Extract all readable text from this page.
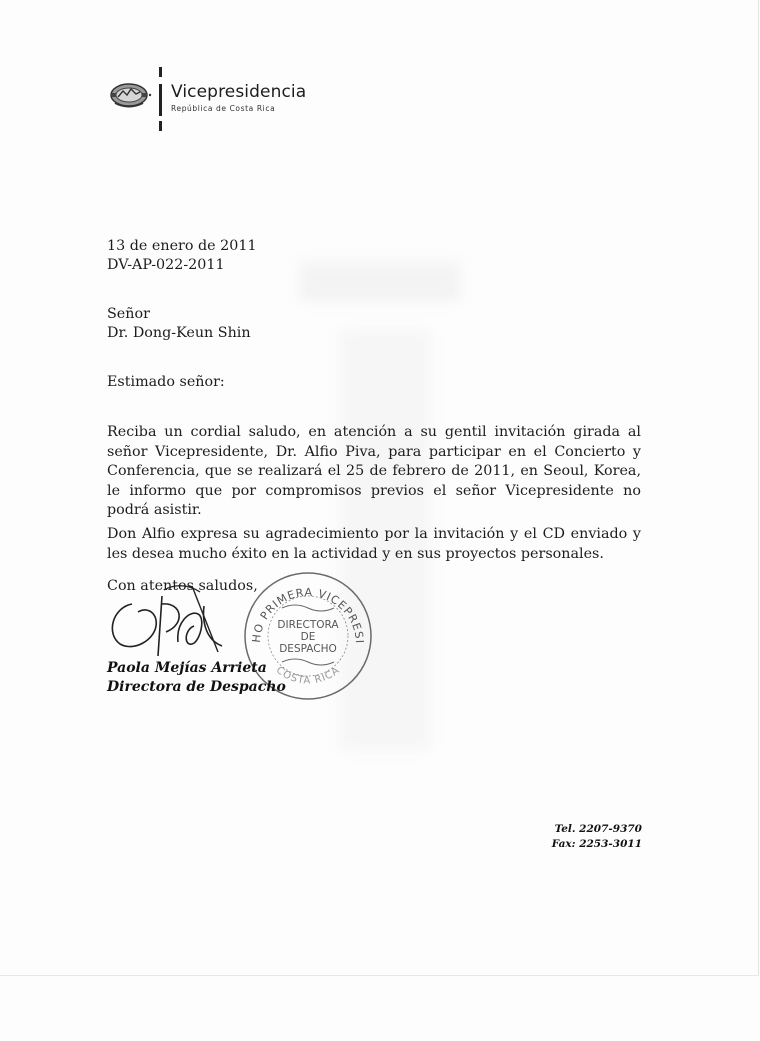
Vicepresidencia
República de Costa Rica
13 de enero de 2011
DV-AP-022-2011
Señor
Dr. Dong-Keun Shin
Estimado señor:
Reciba un cordial saludo, en atención a su gentil invitación girada al señor Vicepresidente, Dr. Alfio Piva, para participar en el Concierto y Conferencia, que se realizará el 25 de febrero de 2011, en Seoul, Korea, le informo que por compromisos previos el señor Vicepresidente no podrá asistir.
Don Alfio expresa su agradecimiento por la invitación y el CD enviado y les desea mucho éxito en la actividad y en sus proyectos personales.
Con atentos saludos,
HO PRIMERA VICEPRESI
COSTA RICA
DIRECTORA
DE
DESPACHO
Paola Mejías Arrieta
Directora de Despacho
Tel. 2207-9370
Fax: 2253-3011
